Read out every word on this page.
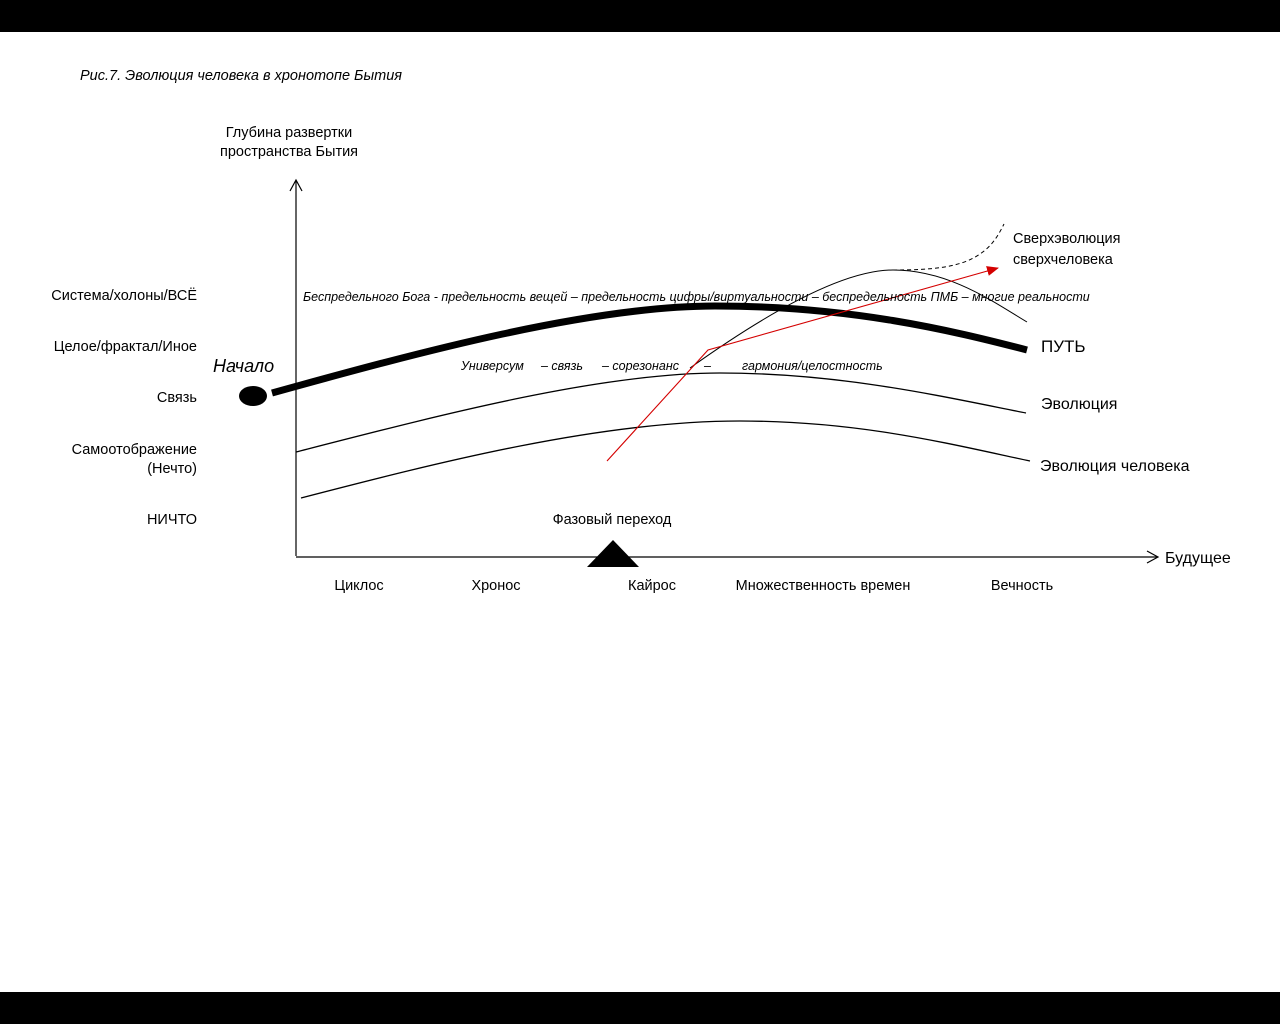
Рис.7. Эволюция человека в хронотопе Бытия
Глубина развертки
пространства Бытия
Будущее
Система/холоны/ВСЁ
Целое/фрактал/Иное
Связь
Самоотображение
(Нечто)
НИЧТО
Циклос	Хронос	Кайрос	Множественность времен	Вечность
Фазовый переход
Начало
ПУТЬ
Эволюция
Эволюция человека
Сверхэволюция
сверхчеловека
Беспредельного Бога - предельность вещей – предельность цифры/виртуальности – беспредельность ПМБ – многие реальности
Универсум – связь – сорезонанс – гармония/целостность
